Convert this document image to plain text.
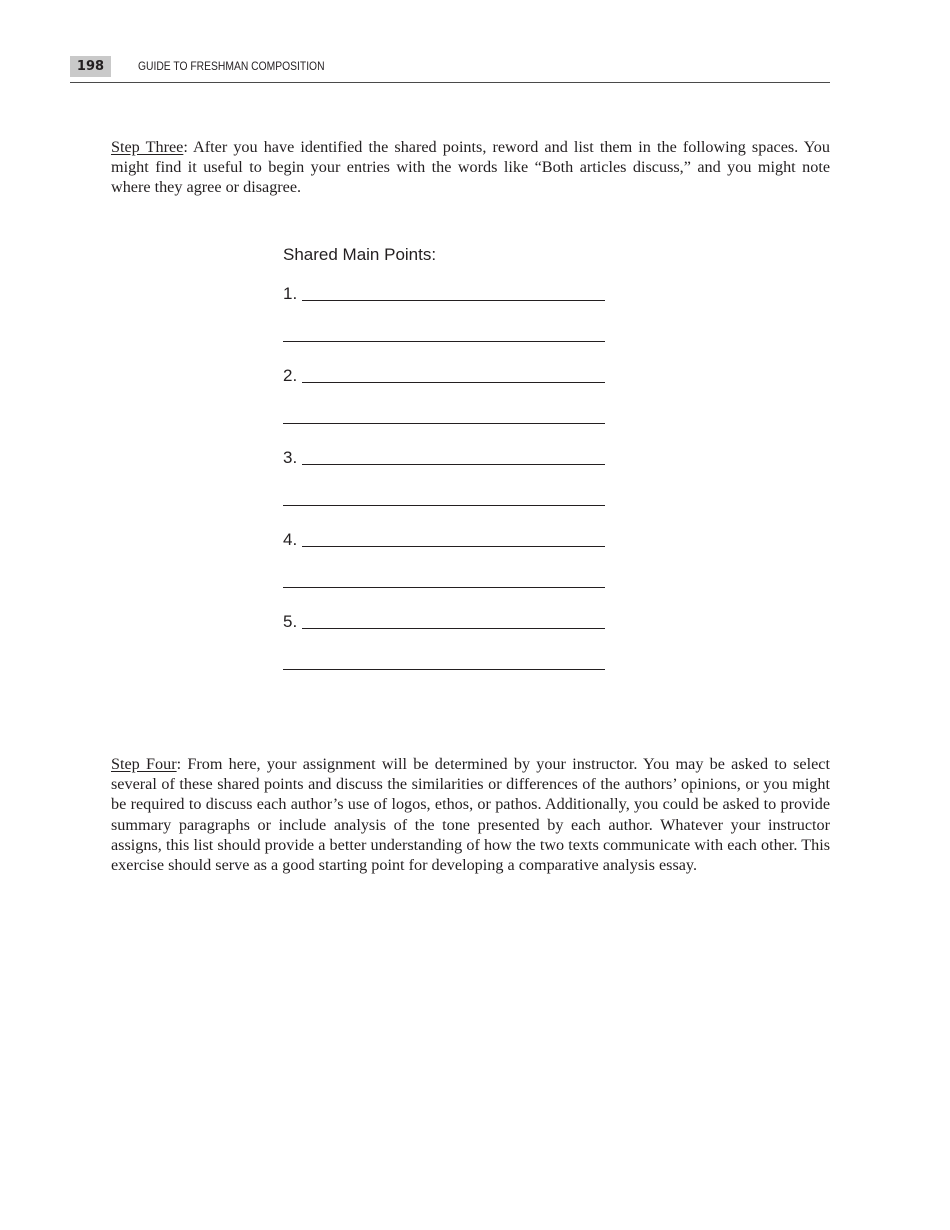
198	GUIDE TO FRESHMAN COMPOSITION

Step Three: After you have identified the shared points, reword and list them in the following spaces. You might find it useful to begin your entries with the words like “Both articles discuss,” and you might note where they agree or disagree.

Shared Main Points:
1.
2.
3.
4.
5.

Step Four: From here, your assignment will be determined by your instructor. You may be asked to select several of these shared points and discuss the similarities or differences of the authors’ opinions, or you might be required to discuss each author’s use of logos, ethos, or pathos. Additionally, you could be asked to provide summary paragraphs or include analysis of the tone presented by each author. Whatever your instructor assigns, this list should provide a better understanding of how the two texts communicate with each other. This exercise should serve as a good starting point for developing a comparative analysis essay.
